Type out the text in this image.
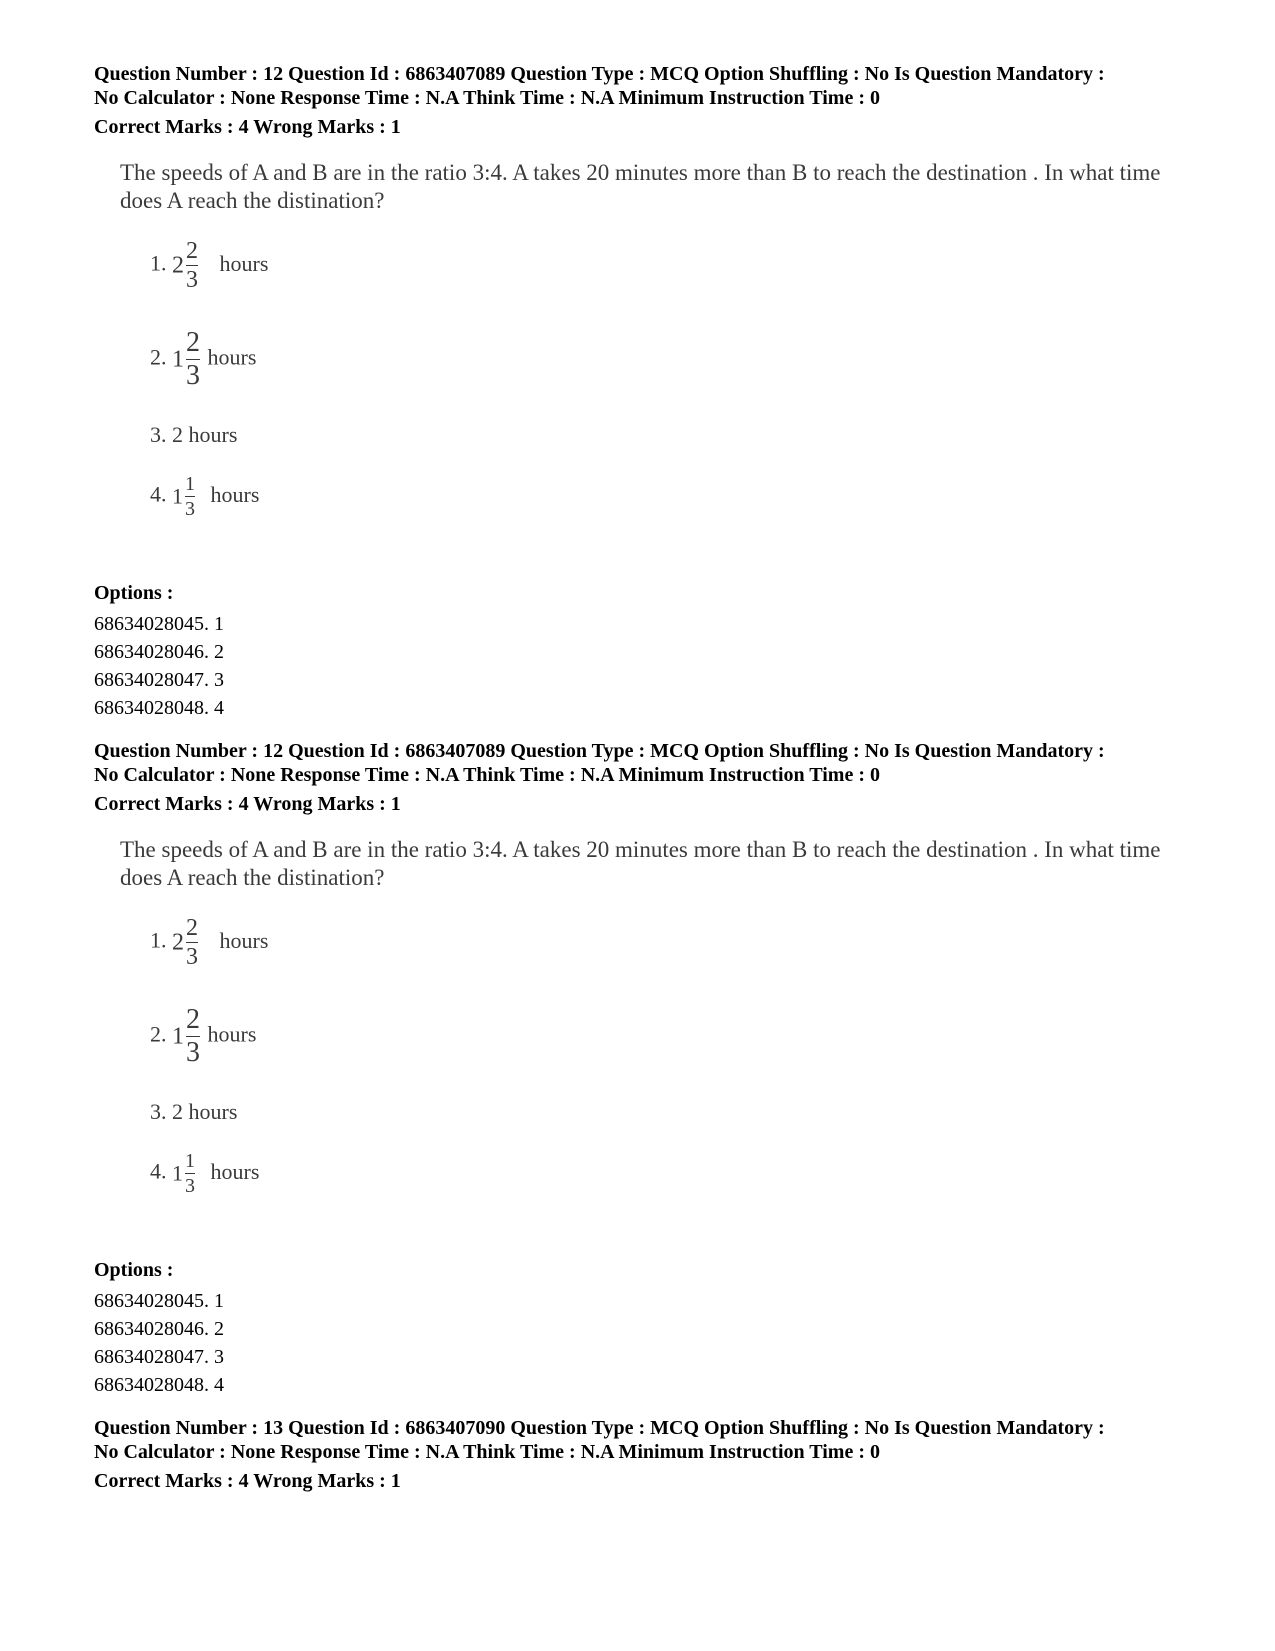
Question Number : 12 Question Id : 6863407089 Question Type : MCQ Option Shuffling : No Is Question Mandatory :
No Calculator : None Response Time : N.A Think Time : N.A Minimum Instruction Time : 0
Correct Marks : 4 Wrong Marks : 1
The speeds of A and B are in the ratio 3:4. A takes 20 minutes more than B to reach the destination . In what time does A reach the distination?
1. $2 \frac{2}{3}$ hours
2. $1 \frac{2}{3}$ hours
3. 2 hours
4. $1 \frac{1}{3}$ hours
Options :
68634028045. 1
68634028046. 2
68634028047. 3
68634028048. 4
Question Number : 12 Question Id : 6863407089 Question Type : MCQ Option Shuffling : No Is Question Mandatory :
No Calculator : None Response Time : N.A Think Time : N.A Minimum Instruction Time : 0
Correct Marks : 4 Wrong Marks : 1
The speeds of A and B are in the ratio 3:4. A takes 20 minutes more than B to reach the destination . In what time does A reach the distination?
1. $2 \frac{2}{3}$ hours
2. $1 \frac{2}{3}$ hours
3. 2 hours
4. $1 \frac{1}{3}$ hours
Options :
68634028045. 1
68634028046. 2
68634028047. 3
68634028048. 4
Question Number : 13 Question Id : 6863407090 Question Type : MCQ Option Shuffling : No Is Question Mandatory :
No Calculator : None Response Time : N.A Think Time : N.A Minimum Instruction Time : 0
Correct Marks : 4 Wrong Marks : 1
